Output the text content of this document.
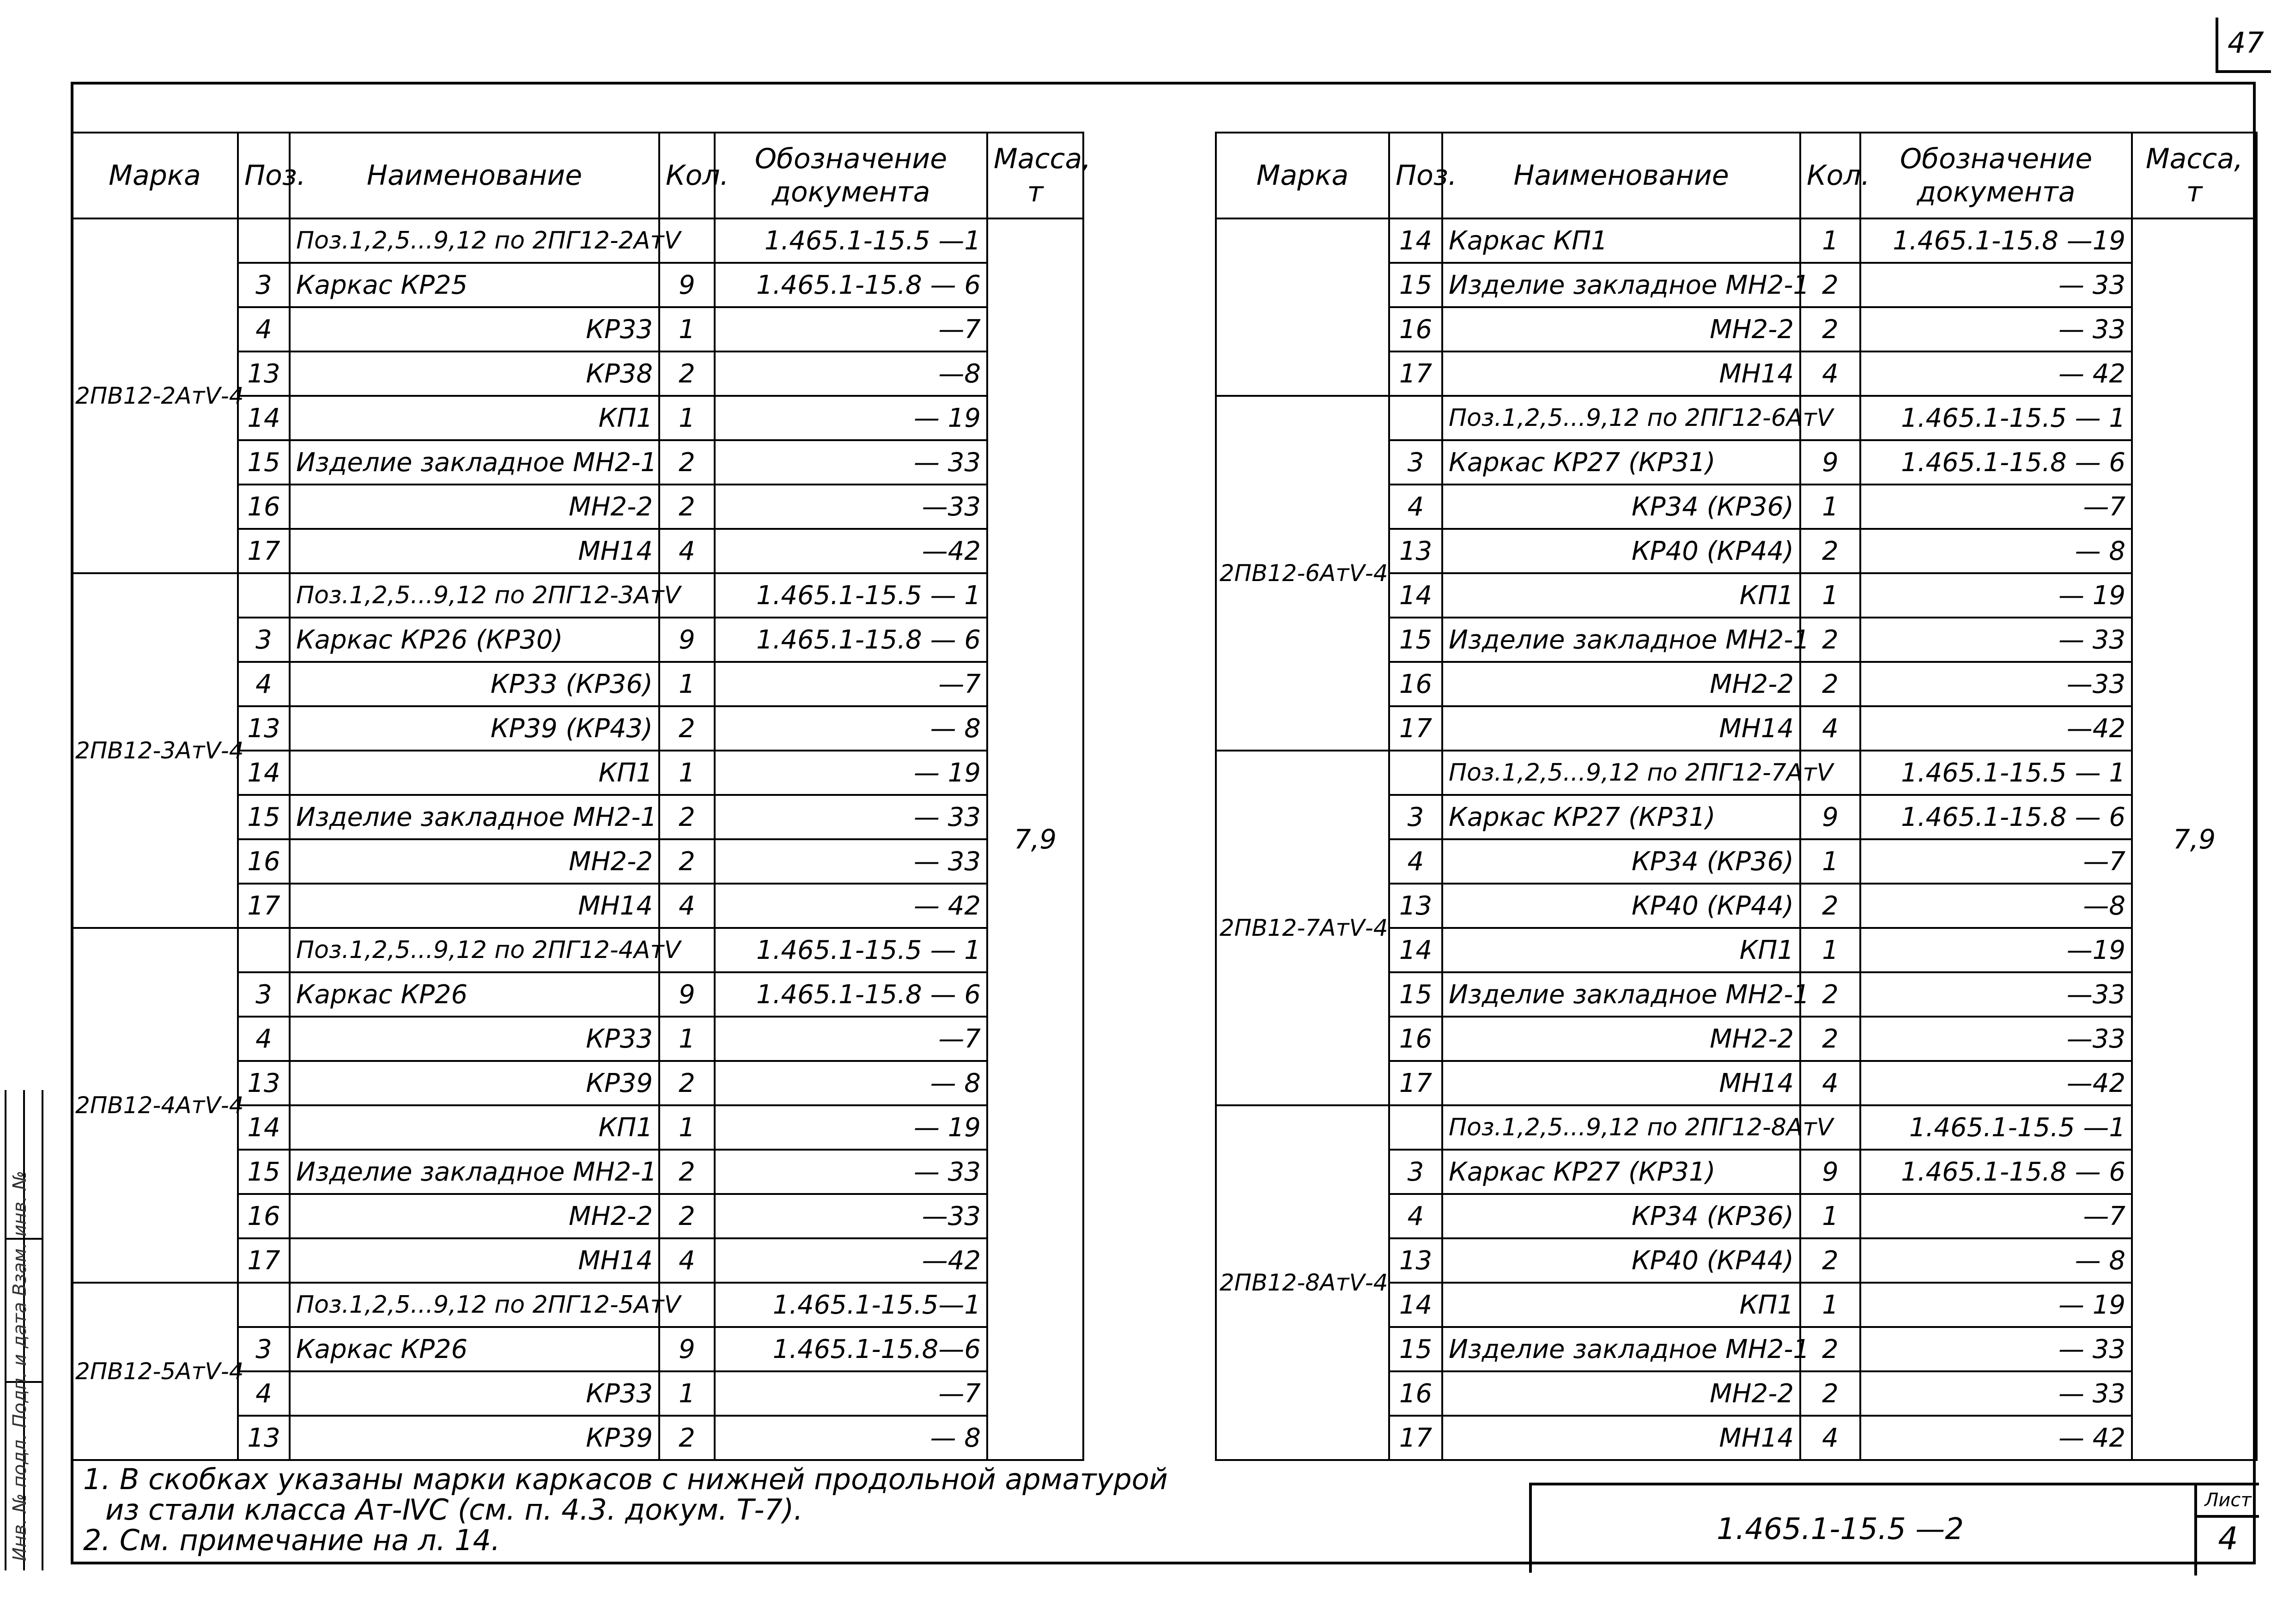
47
Марка	Поз.	Наименование	Кол.	Обозначение документа	Масса, т
2ПВ12-2АтⅤ-4		Поз.1,2,5...9,12 по 2ПГ12-2АтⅤ		1.465.1-15.5 —1	7,9
	3	Каркас КР25	9	1.465.1-15.8 — 6	
	4	КР33	1	—7	
	13	КР38	2	—8	
	14	КП1	1	— 19	
	15	Изделие закладное МН2-1	2	— 33	
	16	МН2-2	2	—33	
	17	МН14	4	—42	
2ПВ12-3АтⅤ-4		Поз.1,2,5...9,12 по 2ПГ12-3АтⅤ		1.465.1-15.5 — 1	
	3	Каркас КР26 (КР30)	9	1.465.1-15.8 — 6	
	4	КР33 (КР36)	1	—7	
	13	КР39 (КР43)	2	— 8	
	14	КП1	1	— 19	
	15	Изделие закладное МН2-1	2	— 33	
	16	МН2-2	2	— 33	
	17	МН14	4	— 42	
2ПВ12-4АтⅤ-4		Поз.1,2,5...9,12 по 2ПГ12-4АтⅤ		1.465.1-15.5 — 1	
	3	Каркас КР26	9	1.465.1-15.8 — 6	
	4	КР33	1	—7	
	13	КР39	2	— 8	
	14	КП1	1	— 19	
	15	Изделие закладное МН2-1	2	— 33	
	16	МН2-2	2	—33	
	17	МН14	4	—42	
2ПВ12-5АтⅤ-4		Поз.1,2,5...9,12 по 2ПГ12-5АтⅤ		1.465.1-15.5—1	
	3	Каркас КР26	9	1.465.1-15.8—6	
	4	КР33	1	—7	
	13	КР39	2	— 8	
Марка	Поз.	Наименование	Кол.	Обозначение документа	Масса, т
	14	Каркас КП1	1	1.465.1-15.8 —19	7,9
	15	Изделие закладное МН2-1	2	— 33	
	16	МН2-2	2	— 33	
	17	МН14	4	— 42	
2ПВ12-6АтⅤ-4		Поз.1,2,5...9,12 по 2ПГ12-6АтⅤ		1.465.1-15.5 — 1	
	3	Каркас КР27 (КР31)	9	1.465.1-15.8 — 6	
	4	КР34 (КР36)	1	—7	
	13	КР40 (КР44)	2	— 8	
	14	КП1	1	— 19	
	15	Изделие закладное МН2-1	2	— 33	
	16	МН2-2	2	—33	
	17	МН14	4	—42	
2ПВ12-7АтⅤ-4		Поз.1,2,5...9,12 по 2ПГ12-7АтⅤ		1.465.1-15.5 — 1	
	3	Каркас КР27 (КР31)	9	1.465.1-15.8 — 6	
	4	КР34 (КР36)	1	—7	
	13	КР40 (КР44)	2	—8	
	14	КП1	1	—19	
	15	Изделие закладное МН2-1	2	—33	
	16	МН2-2	2	—33	
	17	МН14	4	—42	
2ПВ12-8АтⅤ-4		Поз.1,2,5...9,12 по 2ПГ12-8АтⅤ		1.465.1-15.5 —1	
	3	Каркас КР27 (КР31)	9	1.465.1-15.8 — 6	
	4	КР34 (КР36)	1	—7	
	13	КР40 (КР44)	2	— 8	
	14	КП1	1	— 19	
	15	Изделие закладное МН2-1	2	— 33	
	16	МН2-2	2	— 33	
	17	МН14	4	— 42	
1. В скобках указаны марки каркасов с нижней продольной арматурой
из стали класса Ат-ⅣС (см. п. 4.3. докум. Т-7).
2. См. примечание на л. 14.	1.465.1-15.5 —2
Лист
4
Инв. № подл. Подп. и дата Взам. инв. №
